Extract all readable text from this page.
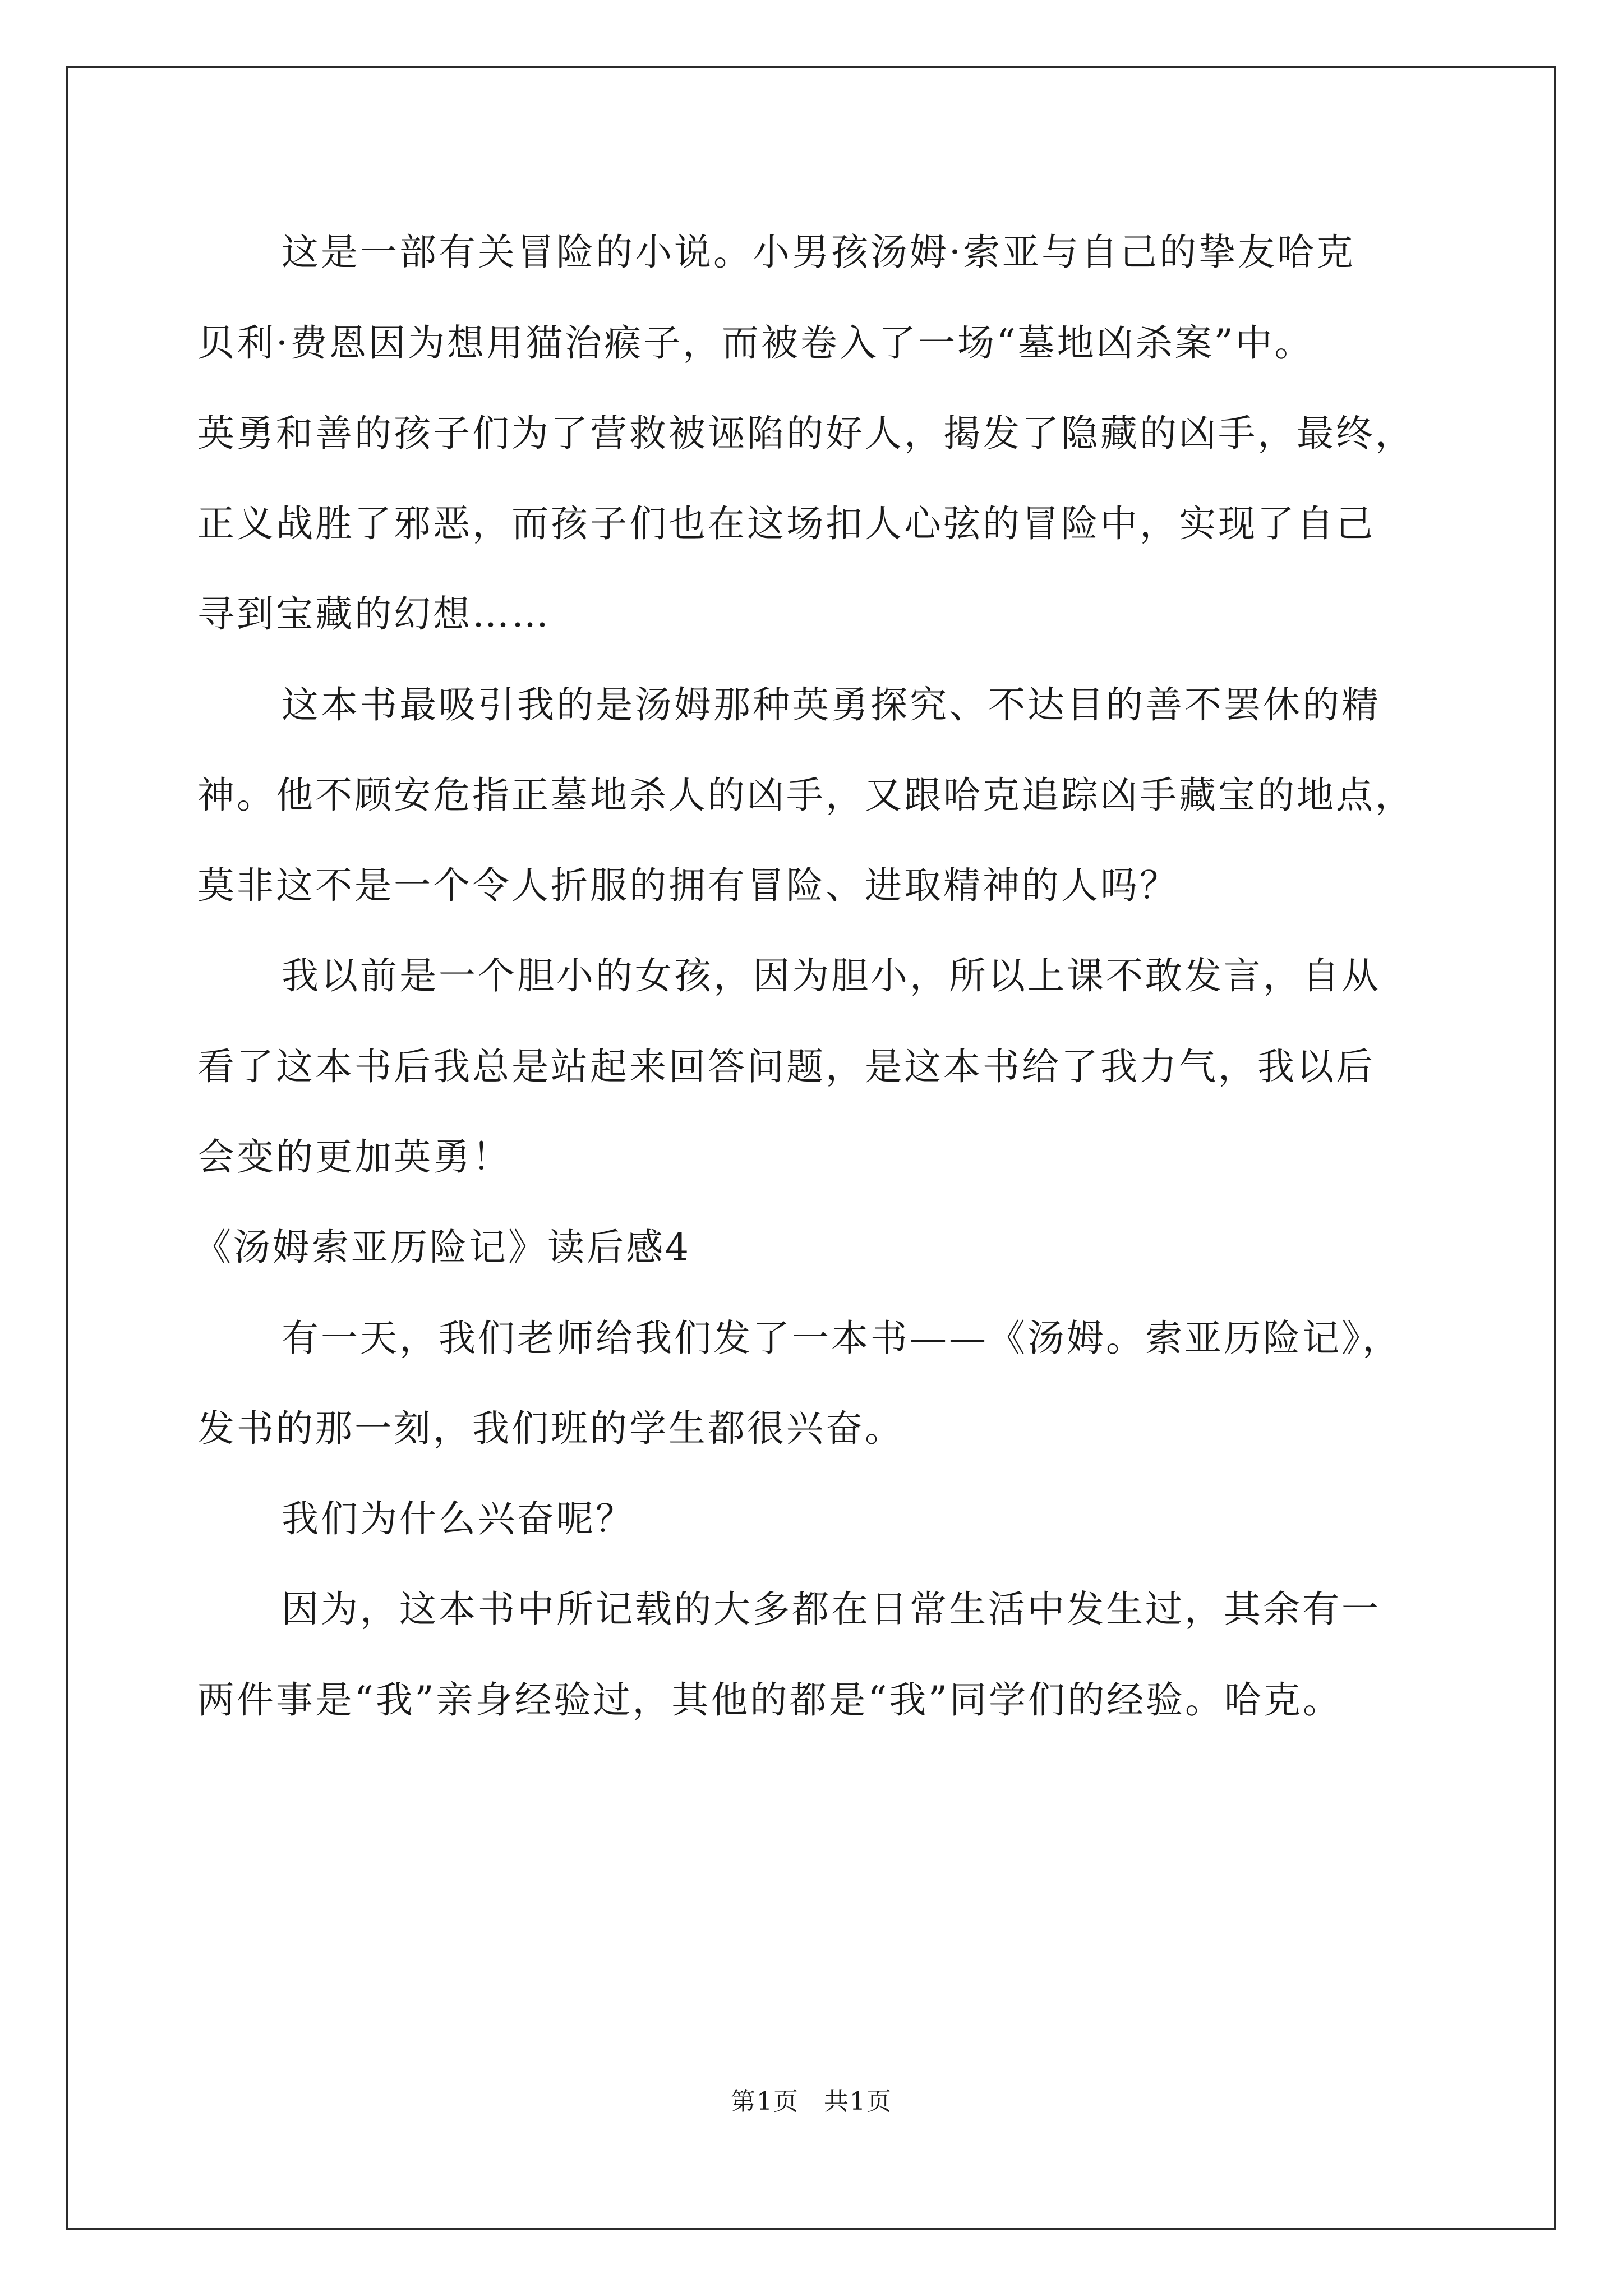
这是一部有关冒险的小说。小男孩汤姆·索亚与自己的挚友哈克
贝利·费恩因为想用猫治瘊子，而被卷入了一场“墓地凶杀案”中。
英勇和善的孩子们为了营救被诬陷的好人，揭发了隐藏的凶手，最终，
正义战胜了邪恶，而孩子们也在这场扣人心弦的冒险中，实现了自己
寻到宝藏的幻想……
这本书最吸引我的是汤姆那种英勇探究、不达目的善不罢休的精
神。他不顾安危指正墓地杀人的凶手，又跟哈克追踪凶手藏宝的地点，
莫非这不是一个令人折服的拥有冒险、进取精神的人吗？
我以前是一个胆小的女孩，因为胆小，所以上课不敢发言，自从
看了这本书后我总是站起来回答问题，是这本书给了我力气，我以后
会变的更加英勇！
《汤姆索亚历险记》读后感4
有一天，我们老师给我们发了一本书——《汤姆。索亚历险记》，
发书的那一刻，我们班的学生都很兴奋。
我们为什么兴奋呢？
因为，这本书中所记载的大多都在日常生活中发生过，其余有一
两件事是“我”亲身经验过，其他的都是“我”同学们的经验。哈克。
第1页 共1页
